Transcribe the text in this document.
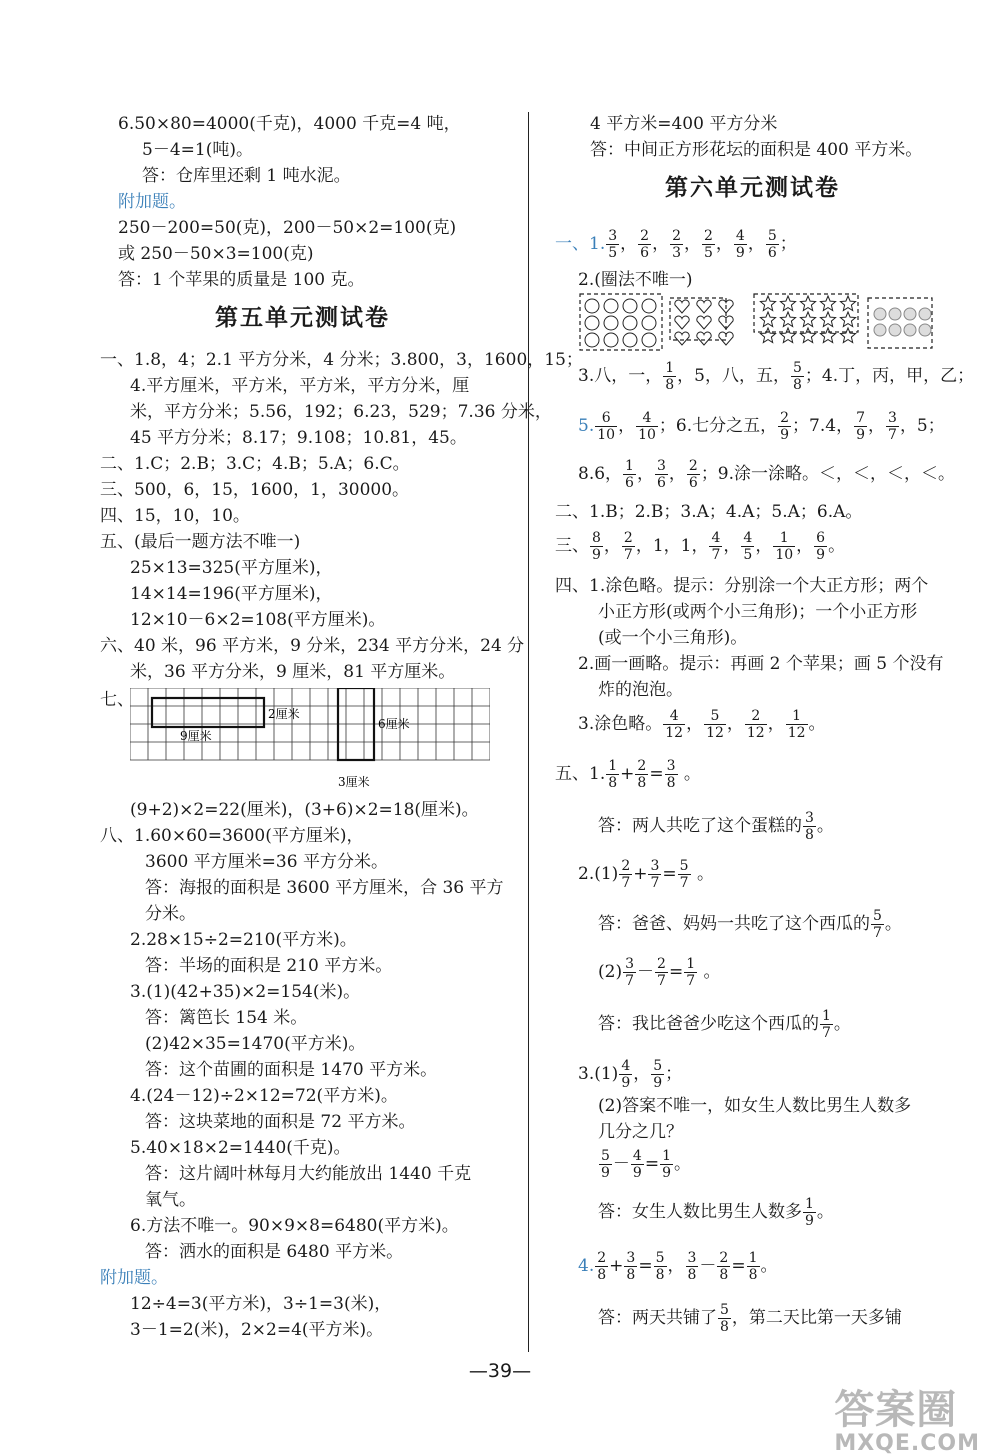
6.50×80=4000(千克)，4000 千克=4 吨，
5－4=1(吨)。
答：仓库里还剩 1 吨水泥。
附加题。
250－200=50(克)，200－50×2=100(克)
或 250－50×3=100(克)
答：1 个苹果的质量是 100 克。
第五单元测试卷
一、1.8，4；2.1 平方分米，4 分米；3.800，3，1600，15；
4.平方厘米，平方米，平方米，平方分米，厘
米，平方分米；5.56，192；6.23，529；7.36 分米，
45 平方分米；8.17；9.108；10.81，45。
二、1.C；2.B；3.C；4.B；5.A；6.C。
三、500，6，15，1600，1，30000。
四、15，10，10。
五、(最后一题方法不唯一)
25×13=325(平方厘米)，
14×14=196(平方厘米)，
12×10－6×2=108(平方厘米)。
六、40 米，96 平方米，9 分米，234 平方分米，24 分
米，36 平方分米，9 厘米，81 平方厘米。
七、
2厘米
6厘米
9厘米
3厘米
(9+2)×2=22(厘米)，(3+6)×2=18(厘米)。
八、1.60×60=3600(平方厘米)，
3600 平方厘米=36 平方分米。
答：海报的面积是 3600 平方厘米，合 36 平方
分米。
2.28×15÷2=210(平方米)。
答：半场的面积是 210 平方米。
3.(1)(42+35)×2=154(米)。
答：篱笆长 154 米。
(2)42×35=1470(平方米)。
答：这个苗圃的面积是 1470 平方米。
4.(24－12)÷2×12=72(平方米)。
答：这块菜地的面积是 72 平方米。
5.40×18×2=1440(千克)。
答：这片阔叶林每月大约能放出 1440 千克
氧气。
6.方法不唯一。90×9×8=6480(平方米)。
答：洒水的面积是 6480 平方米。
附加题。
12÷4=3(平方米)，3÷1=3(米)，
3－1=2(米)，2×2=4(平方米)。
4 平方米=400 平方分米
答：中间正方形花坛的面积是 400 平方米。
第六单元测试卷
一、1. $\frac{3}{5}$ ， $\frac{2}{6}$ ， $\frac{2}{3}$ ， $\frac{2}{5}$ ， $\frac{4}{9}$ ， $\frac{5}{6}$ ；
2.(圈法不唯一)
3.八，一， $\frac{1}{8}$ ，5，八，五， $\frac{5}{8}$ ；4.丁，丙，甲，乙；
5. $\frac{6}{10}$ ， $\frac{4}{10}$ ；6.七分之五， $\frac{2}{9}$ ；7.4， $\frac{7}{9}$ ， $\frac{3}{7}$ ，5；
8.6， $\frac{1}{6}$ ， $\frac{3}{6}$ ， $\frac{2}{6}$ ；9.涂一涂略。＜，＜，＜，＜。
二、1.B；2.B；3.A；4.A；5.A；6.A。
三、 $\frac{8}{9}$ ， $\frac{2}{7}$ ，1，1， $\frac{4}{7}$ ， $\frac{4}{5}$ ， $\frac{1}{10}$ ， $\frac{6}{9}$ 。
四、1.涂色略。提示：分别涂一个大正方形；两个
小正方形(或两个小三角形)；一个小正方形
(或一个小三角形)。
2.画一画略。提示：再画 2 个苹果；画 5 个没有
炸的泡泡。
3.涂色略。 $\frac{4}{12}$ ， $\frac{5}{12}$ ， $\frac{2}{12}$ ， $\frac{1}{12}$ 。
五、1. $\frac{1}{8} + \frac{2}{8} = \frac{3}{8}$ 。
答：两人共吃了这个蛋糕的 $\frac{3}{8}$ 。
$2.(1) \frac{2}{7} + \frac{3}{7} = \frac{5}{7}$ 。
答：爸爸、妈妈一共吃了这个西瓜的 $\frac{5}{7}$ 。
$(2) \frac{3}{7} - \frac{2}{7} = \frac{1}{7}$ 。
答：我比爸爸少吃这个西瓜的 $\frac{1}{7}$ 。
$3.(1) \frac{4}{9}$ ， $\frac{5}{9}$ ；
(2)答案不唯一，如女生人数比男生人数多
几分之几？
$\frac{5}{9} - \frac{4}{9} = \frac{1}{9}$ 。
答：女生人数比男生人数多 $\frac{1}{9}$ 。
4. $\frac{2}{8} + \frac{3}{8} = \frac{5}{8}$ ， $\frac{3}{8} - \frac{2}{8} = \frac{1}{8}$ 。
答：两天共铺了 $\frac{5}{8}$ ，第二天比第一天多铺
—39—
答案圈
MXQE.COM
